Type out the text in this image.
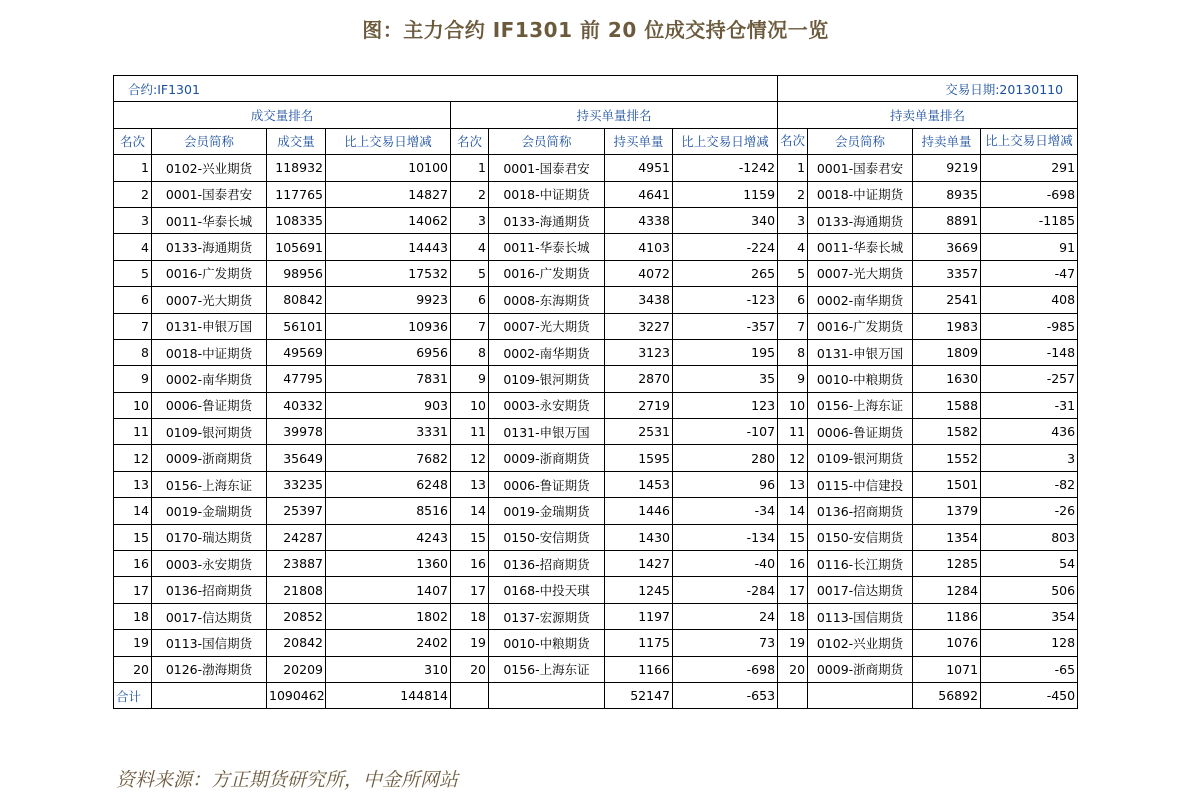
图：主力合约 IF1301 前 20 位成交持仓情况一览
合约:IF1301								交易日期:20130110			
成交量排名				持买单量排名				持卖单量排名			
名次	会员简称	成交量	比上交易日增减	名次	会员简称	持买单量	比上交易日增减	名次	会员简称	持卖单量	比上交易日增减
1	0102-兴业期货	118932	10100	1	0001-国泰君安	4951	-1242	1	0001-国泰君安	9219	291
2	0001-国泰君安	117765	14827	2	0018-中证期货	4641	1159	2	0018-中证期货	8935	-698
3	0011-华泰长城	108335	14062	3	0133-海通期货	4338	340	3	0133-海通期货	8891	-1185
4	0133-海通期货	105691	14443	4	0011-华泰长城	4103	-224	4	0011-华泰长城	3669	91
5	0016-广发期货	98956	17532	5	0016-广发期货	4072	265	5	0007-光大期货	3357	-47
6	0007-光大期货	80842	9923	6	0008-东海期货	3438	-123	6	0002-南华期货	2541	408
7	0131-申银万国	56101	10936	7	0007-光大期货	3227	-357	7	0016-广发期货	1983	-985
8	0018-中证期货	49569	6956	8	0002-南华期货	3123	195	8	0131-申银万国	1809	-148
9	0002-南华期货	47795	7831	9	0109-银河期货	2870	35	9	0010-中粮期货	1630	-257
10	0006-鲁证期货	40332	903	10	0003-永安期货	2719	123	10	0156-上海东证	1588	-31
11	0109-银河期货	39978	3331	11	0131-申银万国	2531	-107	11	0006-鲁证期货	1582	436
12	0009-浙商期货	35649	7682	12	0009-浙商期货	1595	280	12	0109-银河期货	1552	3
13	0156-上海东证	33235	6248	13	0006-鲁证期货	1453	96	13	0115-中信建投	1501	-82
14	0019-金瑞期货	25397	8516	14	0019-金瑞期货	1446	-34	14	0136-招商期货	1379	-26
15	0170-瑞达期货	24287	4243	15	0150-安信期货	1430	-134	15	0150-安信期货	1354	803
16	0003-永安期货	23887	1360	16	0136-招商期货	1427	-40	16	0116-长江期货	1285	54
17	0136-招商期货	21808	1407	17	0168-中投天琪	1245	-284	17	0017-信达期货	1284	506
18	0017-信达期货	20852	1802	18	0137-宏源期货	1197	24	18	0113-国信期货	1186	354
19	0113-国信期货	20842	2402	19	0010-中粮期货	1175	73	19	0102-兴业期货	1076	128
20	0126-渤海期货	20209	310	20	0156-上海东证	1166	-698	20	0009-浙商期货	1071	-65
合计		1090462	144814			52147	-653			56892	-450
资料来源：方正期货研究所，中金所网站
